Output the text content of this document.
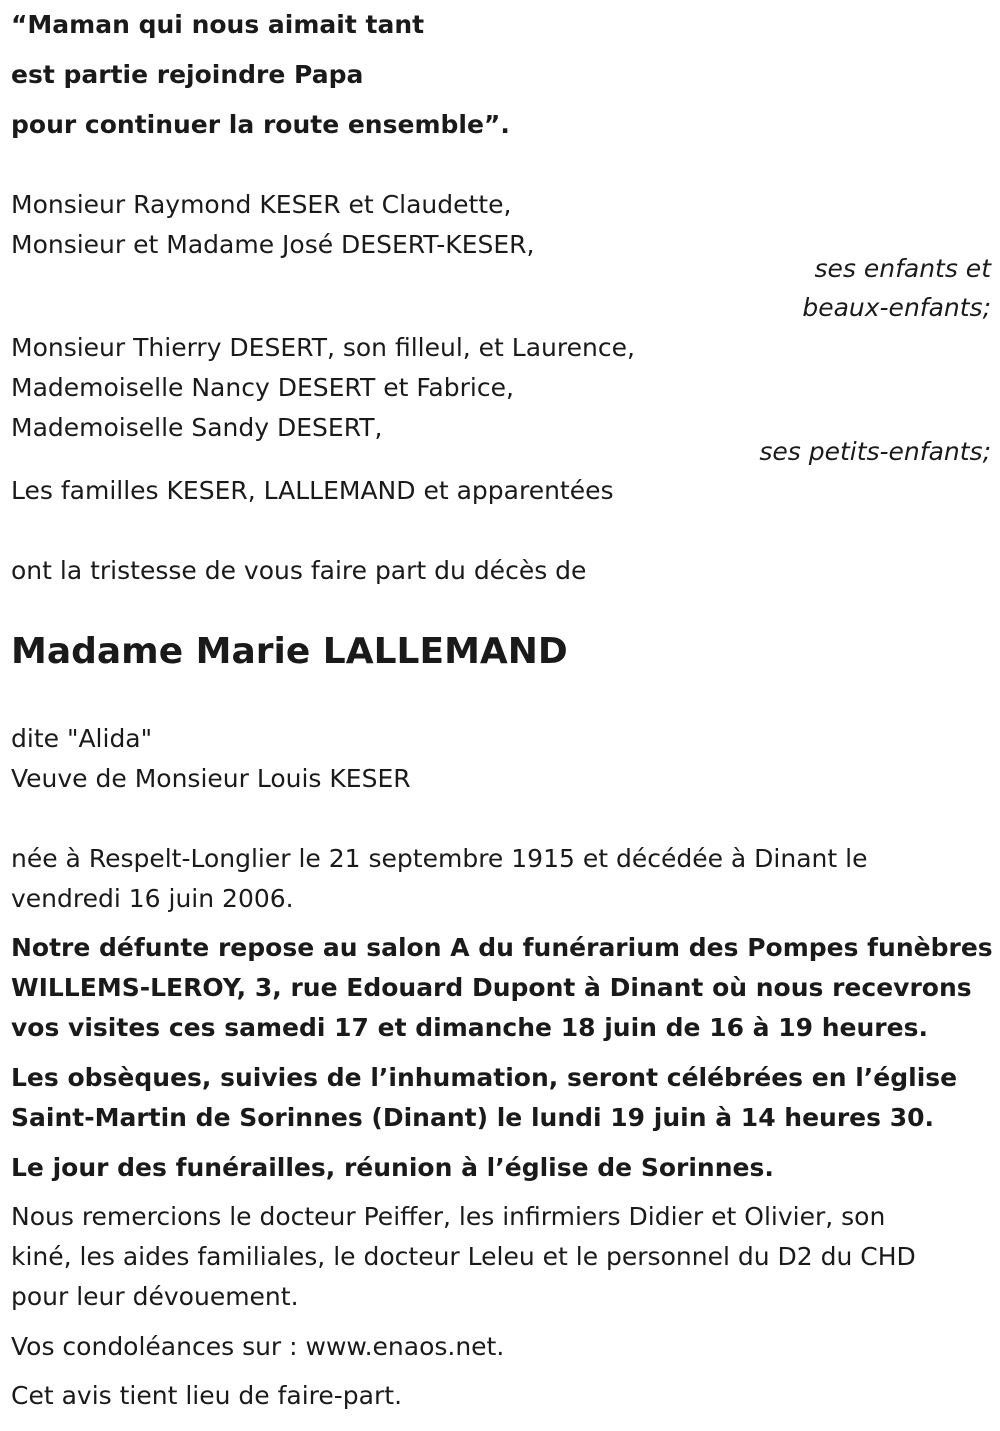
“Maman qui nous aimait tant
est partie rejoindre Papa
pour continuer la route ensemble”.
Monsieur Raymond KESER et Claudette,
Monsieur et Madame José DESERT-KESER,
ses enfants et
beaux-enfants;
Monsieur Thierry DESERT, son filleul, et Laurence,
Mademoiselle Nancy DESERT et Fabrice,
Mademoiselle Sandy DESERT,
ses petits-enfants;
Les familles KESER, LALLEMAND et apparentées
ont la tristesse de vous faire part du décès de
Madame Marie LALLEMAND
dite "Alida"
Veuve de Monsieur Louis KESER
née à Respelt-Longlier le 21 septembre 1915 et décédée à Dinant le
vendredi 16 juin 2006.
Notre défunte repose au salon A du funérarium des Pompes funèbres
WILLEMS-LEROY, 3, rue Edouard Dupont à Dinant où nous recevrons
vos visites ces samedi 17 et dimanche 18 juin de 16 à 19 heures.
Les obsèques, suivies de l’inhumation, seront célébrées en l’église
Saint-Martin de Sorinnes (Dinant) le lundi 19 juin à 14 heures 30.
Le jour des funérailles, réunion à l’église de Sorinnes.
Nous remercions le docteur Peiffer, les infirmiers Didier et Olivier, son
kiné, les aides familiales, le docteur Leleu et le personnel du D2 du CHD
pour leur dévouement.
Vos condoléances sur : www.enaos.net.
Cet avis tient lieu de faire-part.
